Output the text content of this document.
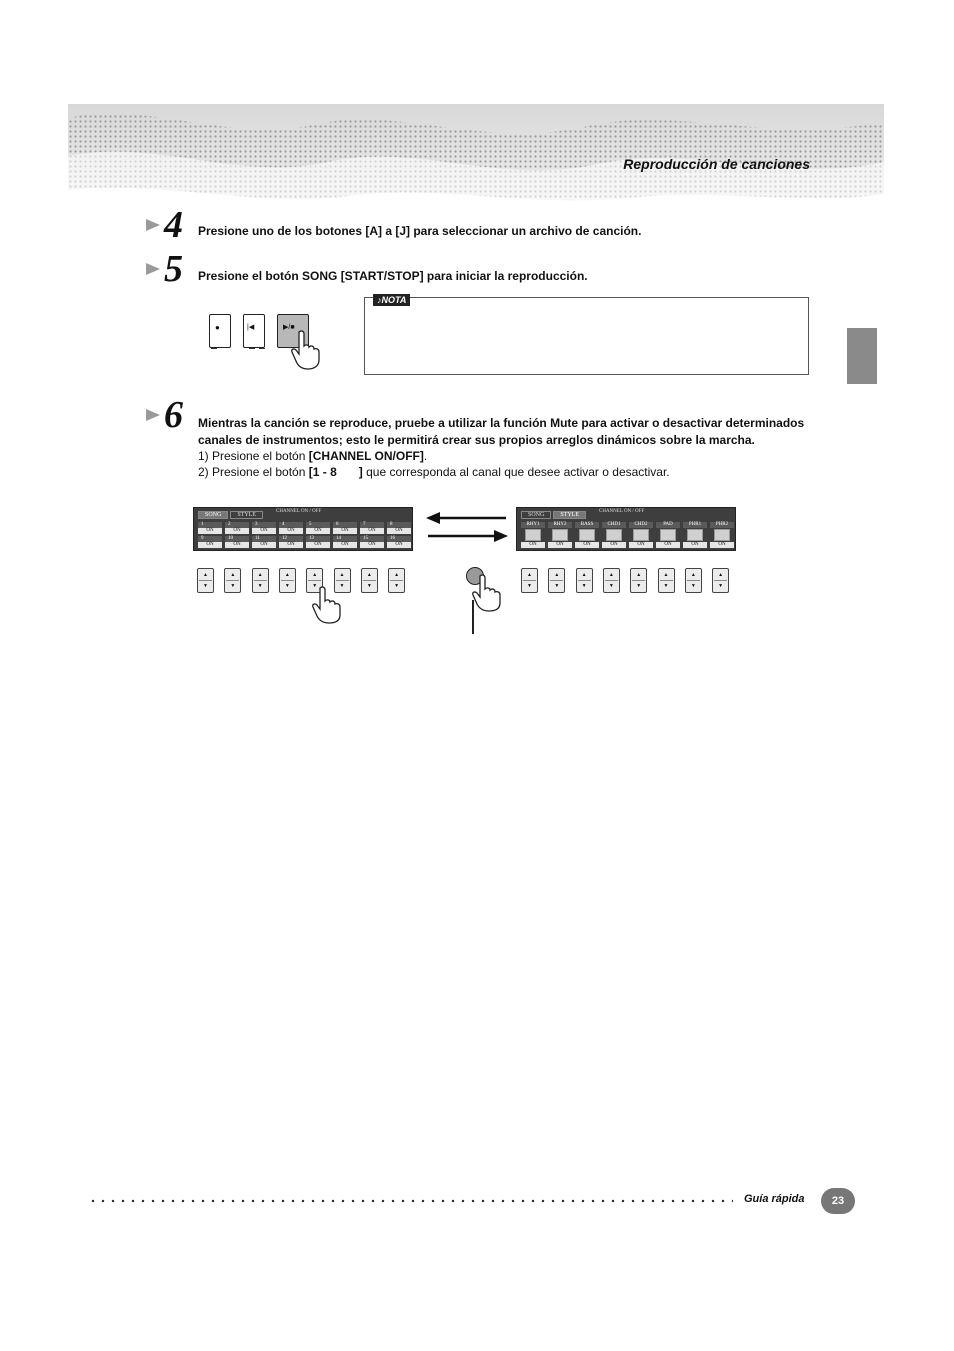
Reproducción de canciones
4 Presione uno de los botones [A] a [J] para seleccionar un archivo de canción.
5 Presione el botón SONG [START/STOP] para iniciar la reproducción.
●	|◀	▶/■
♪NOTA
6 Mientras la canción se reproduce, pruebe a utilizar la función Mute para activar o desactivar determinados
canales de instrumentos; esto le permitirá crear sus propios arreglos dinámicos sobre la marcha.
1) Presione el botón [CHANNEL ON/OFF].
2) Presione el botón [1 - 8 ] que corresponda al canal que desee activar o desactivar.
SONG	STYLE
CHANNEL ON / OFF
1
ON
2
ON
3
ON
4
ON
5
ON
6
ON
7
ON
8
ON
9
ON
10
ON
11
ON
12
ON
13
ON
14
ON
15
ON
16
ON
SONG	STYLE
CHANNEL ON / OFF
RHY1
ON
RHY2
ON
BASS
ON
CHD1
ON
CHD2
ON
PAD
ON
PHR1
ON
PHR2
ON
▲
▼
▲
▼
▲
▼
▲
▼
▲
▼
▲
▼
▲
▼
▲
▼
▲
▼
▲
▼
▲
▼
▲
▼
▲
▼
▲
▼
▲
▼
▲
▼
Guía rápida	23
